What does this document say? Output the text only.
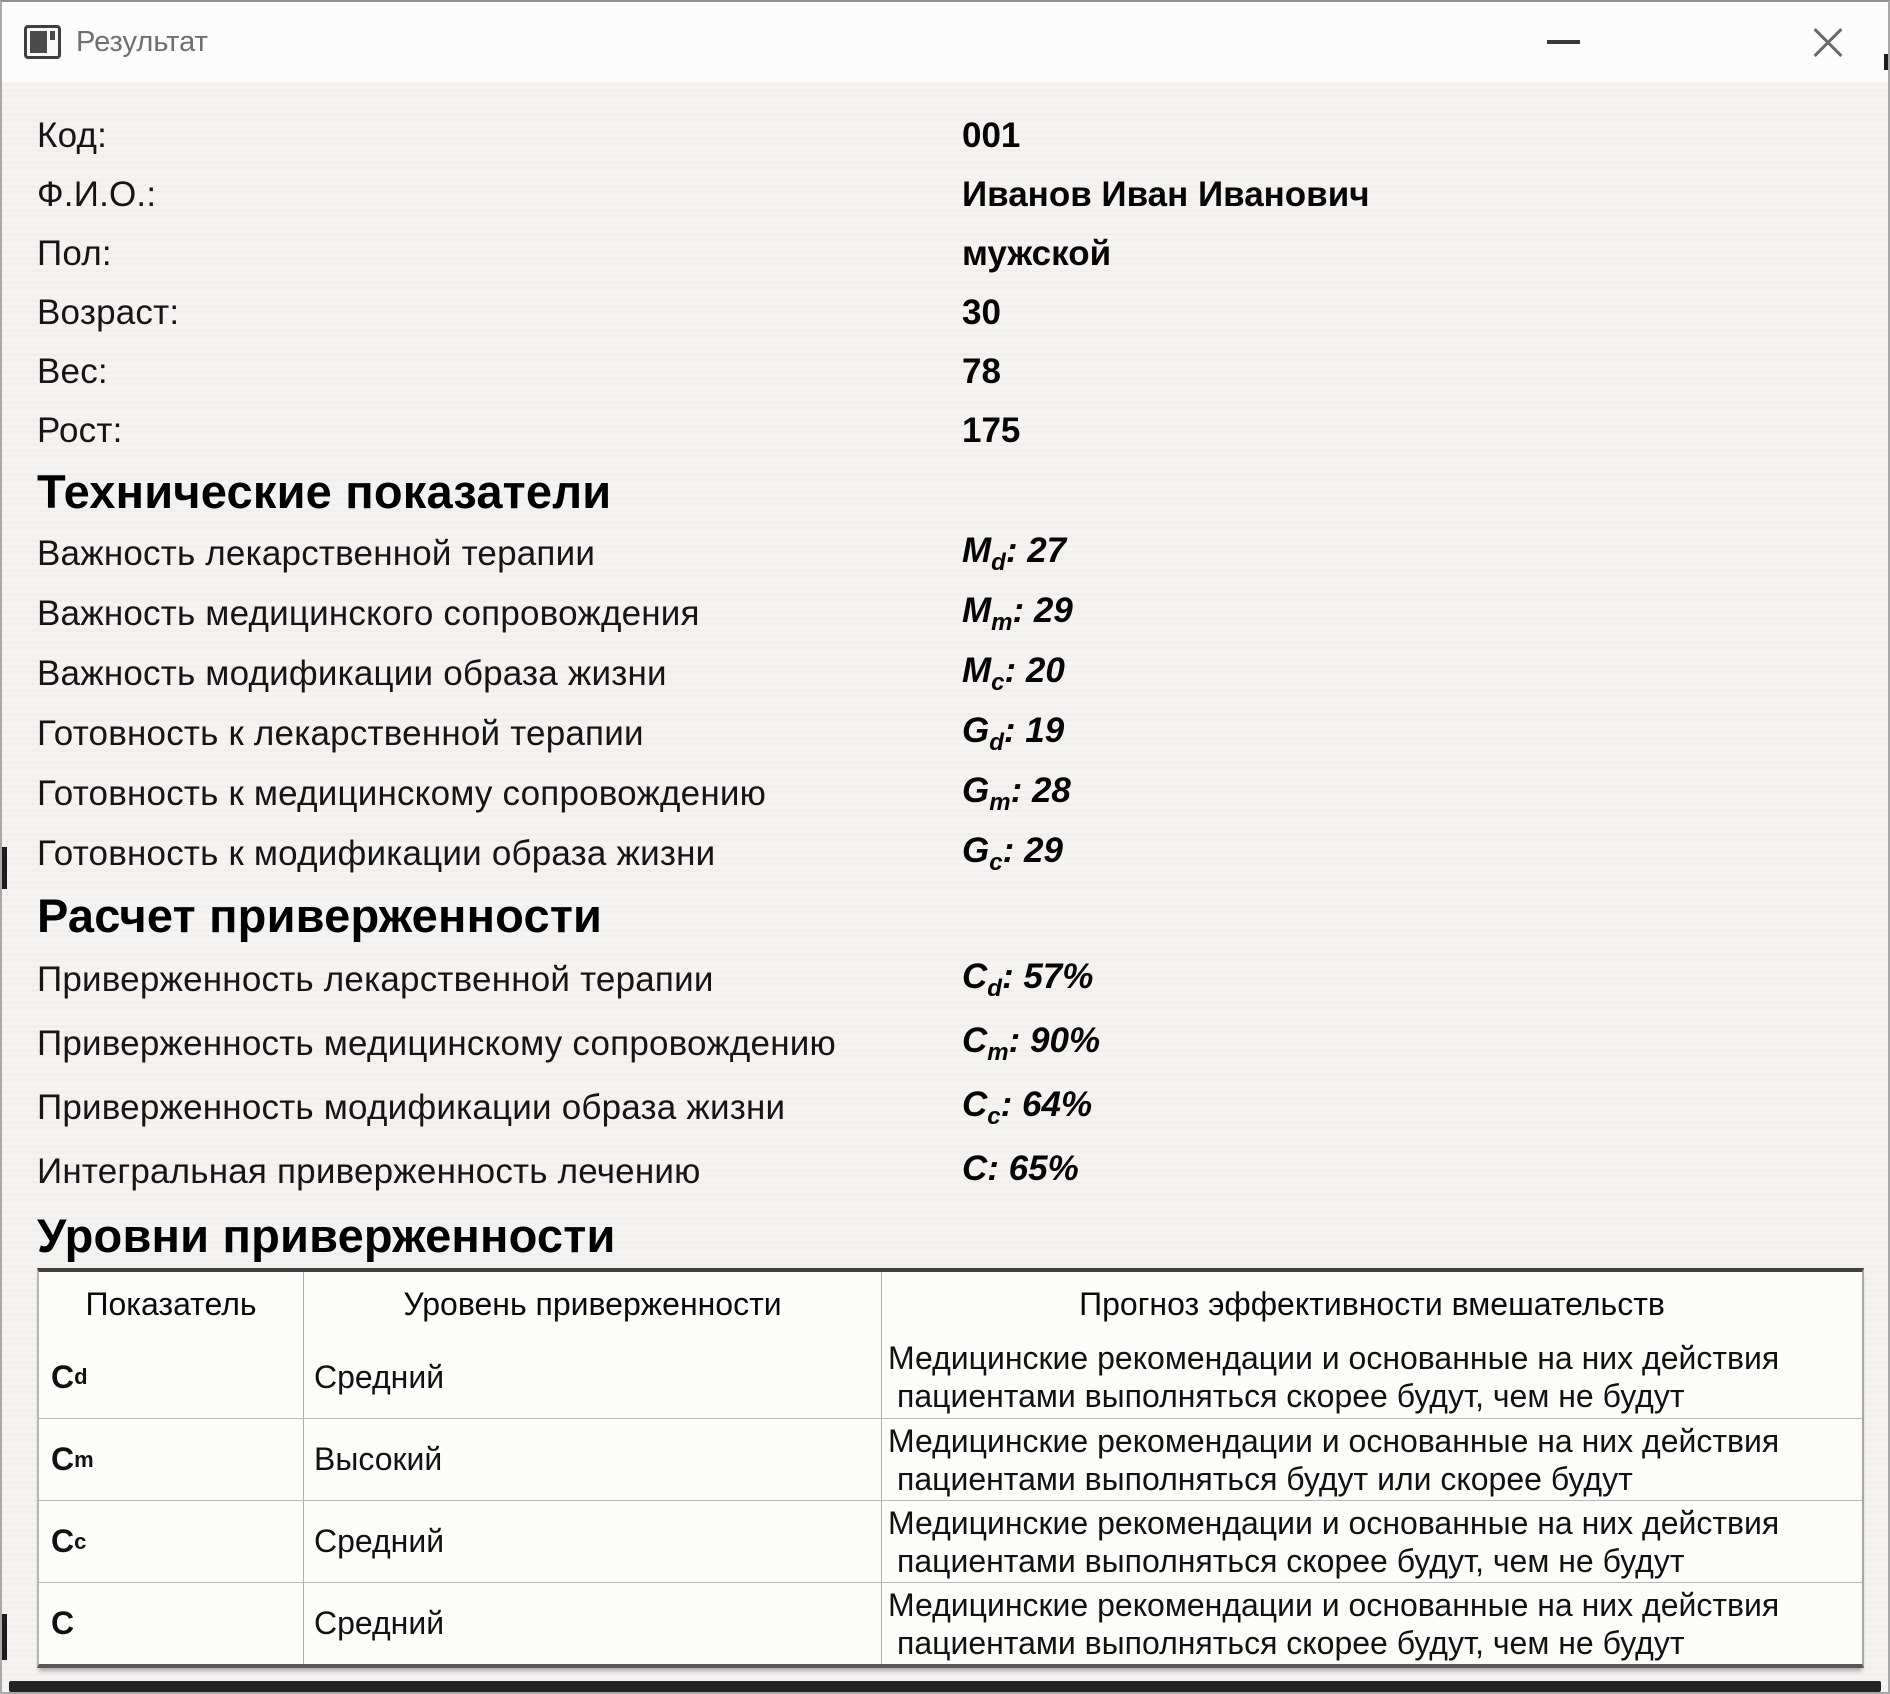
Результат
Код:	001
Ф.И.О.:	Иванов Иван Иванович
Пол:	мужской
Возраст:	30
Вес:	78
Рост:	175
Технические показатели
Важность лекарственной терапии	$M_d$: 27
Важность медицинского сопровождения	$M_m$: 29
Важность модификации образа жизни	$M_c$: 20
Готовность к лекарственной терапии	$G_d$: 19
Готовность к медицинскому сопровождению	$G_m$: 28
Готовность к модификации образа жизни	$G_c$: 29
Расчет приверженности
Приверженность лекарственной терапии	$C_d$: 57%
Приверженность медицинскому сопровождению	$C_m$: 90%
Приверженность модификации образа жизни	$C_c$: 64%
Интегральная приверженность лечению	C: 65%
Уровни приверженности
Показатель	Уровень приверженности	Прогноз эффективности вмешательств
C d	Средний
Медицинские рекомендации и основанные на них действия
пациентами выполняться скорее будут, чем не будут
C m	Высокий
Медицинские рекомендации и основанные на них действия
пациентами выполняться будут или скорее будут
C c	Средний
Медицинские рекомендации и основанные на них действия
пациентами выполняться скорее будут, чем не будут
C	Средний
Медицинские рекомендации и основанные на них действия
пациентами выполняться скорее будут, чем не будут
